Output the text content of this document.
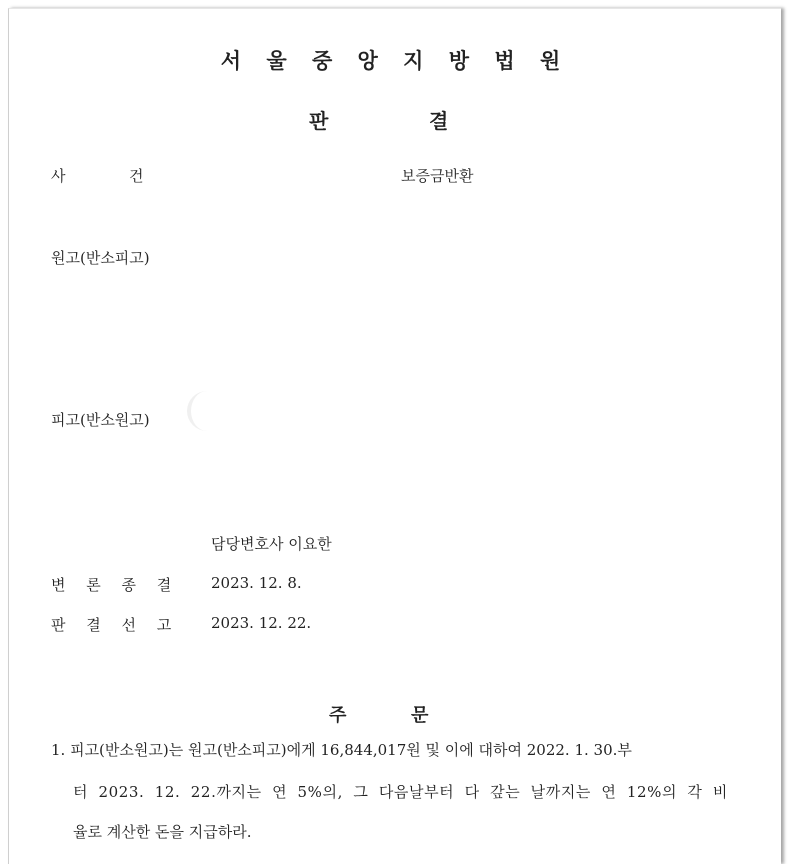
서 울 중 앙 지 방 법 원
판	결
사	건	보증금반환
원고(반소피고)
피고(반소원고)
담당변호사 이요한
변 론 종 결 2023. 12. 8.
판 결 선 고 2023. 12. 22.
주	문
1. 피고(반소원고)는 원고(반소피고)에게 16,844,017원 및 이에 대하여 2022. 1. 30.부
터 2023. 12. 22.까지는 연 5%의, 그 다음날부터 다 갚는 날까지는 연 12%의 각 비
율로 계산한 돈을 지급하라.
